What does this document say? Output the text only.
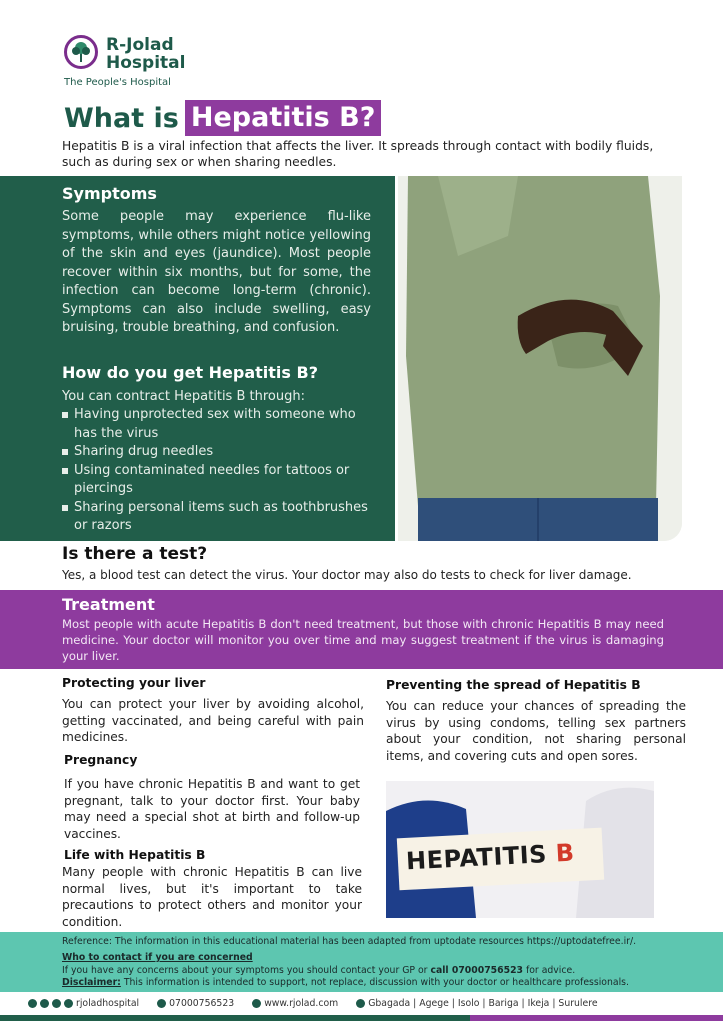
R-Jolad
Hospital
The People's Hospital
What is Hepatitis B?
Hepatitis B is a viral infection that affects the liver. It spreads through contact with bodily fluids, such as during sex or when sharing needles.
Symptoms
Some people may experience flu-like symptoms, while others might notice yellowing of the skin and eyes (jaundice). Most people recover within six months, but for some, the infection can become long-term (chronic). Symptoms can also include swelling, easy bruising, trouble breathing, and confusion.
How do you get Hepatitis B?
You can contract Hepatitis B through:
Having unprotected sex with someone who has the virus
Sharing drug needles
Using contaminated needles for tattoos or piercings
Sharing personal items such as toothbrushes or razors
Is there a test?
Yes, a blood test can detect the virus. Your doctor may also do tests to check for liver damage.
Treatment
Most people with acute Hepatitis B don't need treatment, but those with chronic Hepatitis B may need medicine. Your doctor will monitor you over time and may suggest treatment if the virus is damaging your liver.
Protecting your liver
You can protect your liver by avoiding alcohol, getting vaccinated, and being careful with pain medicines.
Pregnancy
If you have chronic Hepatitis B and want to get pregnant, talk to your doctor first. Your baby may need a special shot at birth and follow-up vaccines.
Life with Hepatitis B
Many people with chronic Hepatitis B can live normal lives, but it's important to take precautions to protect others and monitor your condition.
Preventing the spread of Hepatitis B
You can reduce your chances of spreading the virus by using condoms, telling sex partners about your condition, not sharing personal items, and covering cuts and open sores.
HEPATITIS B
Reference: The information in this educational material has been adapted from uptodate resources https://uptodatefree.ir/.
Who to contact if you are concerned
If you have any concerns about your symptoms you should contact your GP or call 07000756523 for advice.
Disclaimer: This information is intended to support, not replace, discussion with your doctor or healthcare professionals.
rjoladhospital	07000756523	www.rjolad.com	Gbagada | Agege | Isolo | Bariga | Ikeja | Surulere
